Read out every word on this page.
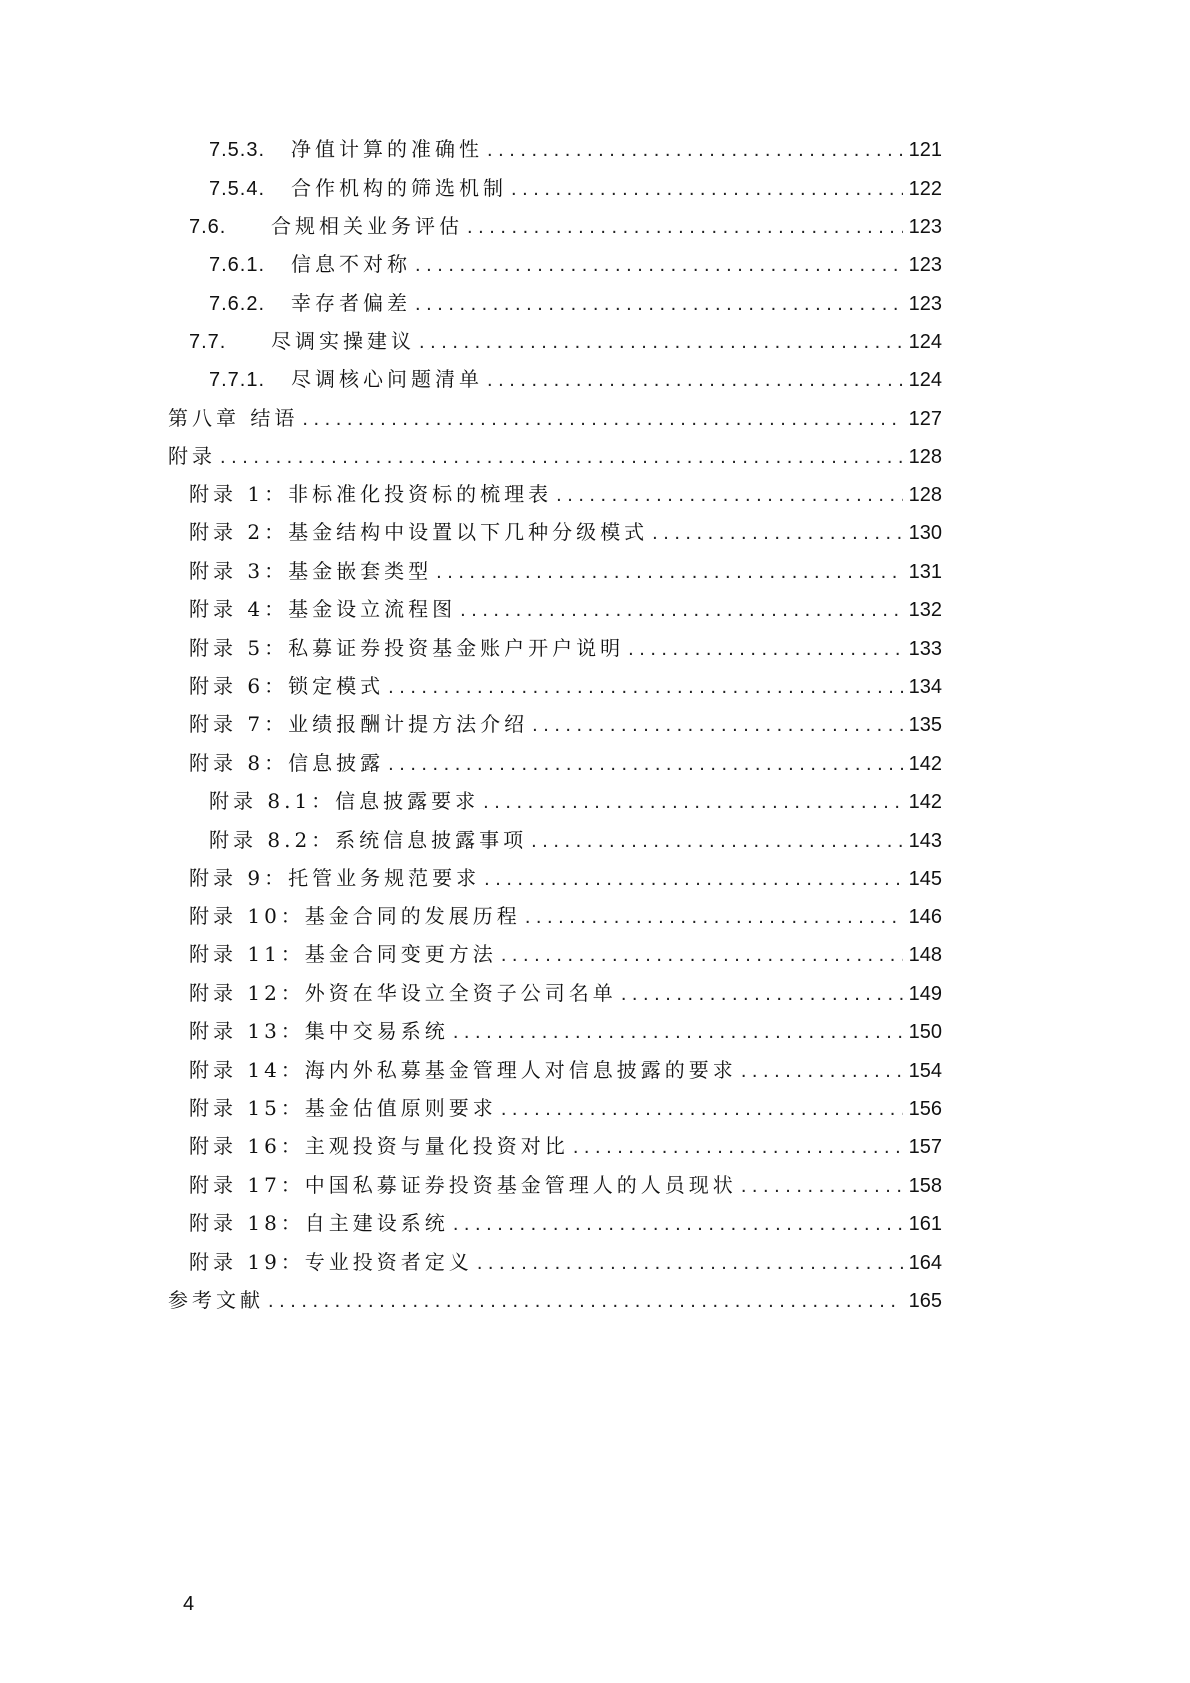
7.5.3.	净值计算的准确性 . . .	121
7.5.4.	合作机构的筛选机制 . . .	122
7.6.	合规相关业务评估 . . .	123
7.6.1.	信息不对称 . . .	123
7.6.2.	幸存者偏差 . . .	123
7.7.	尽调实操建议 . . .	124
7.7.1.	尽调核心问题清单 . . .	124
第八章 结语 . . .	127
附录 . . .	128
附录 1：非标准化投资标的梳理表 . . .	128
附录 2：基金结构中设置以下几种分级模式 . . .	130
附录 3：基金嵌套类型 . . .	131
附录 4：基金设立流程图 . . .	132
附录 5：私募证券投资基金账户开户说明 . . .	133
附录 6：锁定模式 . . .	134
附录 7：业绩报酬计提方法介绍 . . .	135
附录 8：信息披露 . . .	142
附录 8.1：信息披露要求 . . .	142
附录 8.2：系统信息披露事项 . . .	143
附录 9：托管业务规范要求 . . .	145
附录 10：基金合同的发展历程 . . .	146
附录 11：基金合同变更方法 . . .	148
附录 12：外资在华设立全资子公司名单 . . .	149
附录 13：集中交易系统 . . .	150
附录 14：海内外私募基金管理人对信息披露的要求 . . .	154
附录 15：基金估值原则要求 . . .	156
附录 16：主观投资与量化投资对比 . . .	157
附录 17：中国私募证券投资基金管理人的人员现状 . . .	158
附录 18：自主建设系统 . . .	161
附录 19：专业投资者定义 . . .	164
参考文献 . . .	165
4
